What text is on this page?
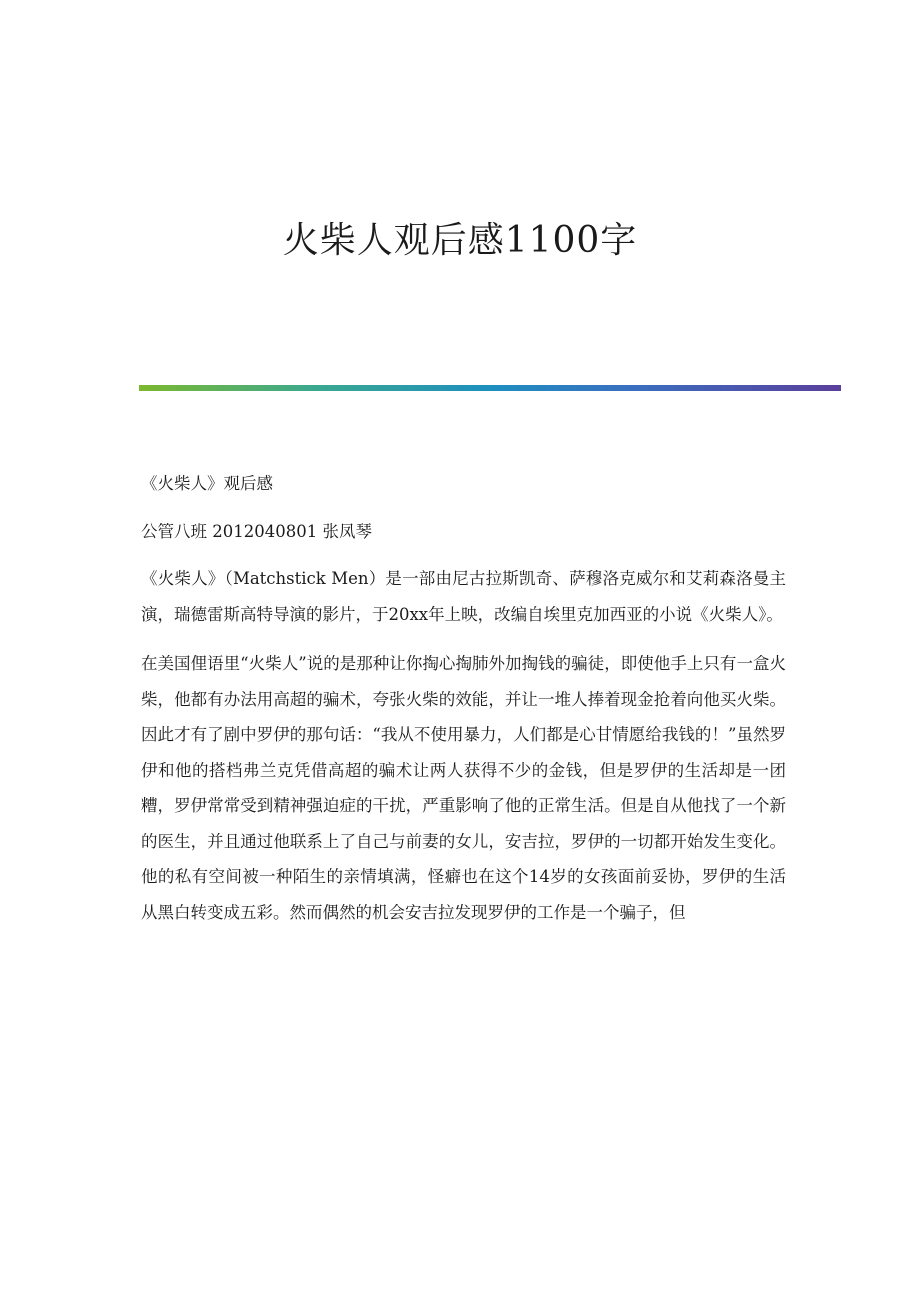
火柴人观后感1100字

《火柴人》观后感

公管八班 2012040801 张凤琴

《火柴人》（Matchstick Men）是一部由尼古拉斯凯奇、萨穆洛克威尔和艾莉森洛曼主演，瑞德雷斯高特导演的影片，于20xx年上映，改编自埃里克加西亚的小说《火柴人》。

在美国俚语里“火柴人”说的是那种让你掏心掏肺外加掏钱的骗徒，即使他手上只有一盒火柴，他都有办法用高超的骗术，夸张火柴的效能，并让一堆人捧着现金抢着向他买火柴。因此才有了剧中罗伊的那句话：“我从不使用暴力，人们都是心甘情愿给我钱的！”虽然罗伊和他的搭档弗兰克凭借高超的骗术让两人获得不少的金钱，但是罗伊的生活却是一团糟，罗伊常常受到精神强迫症的干扰，严重影响了他的正常生活。但是自从他找了一个新的医生，并且通过他联系上了自己与前妻的女儿，安吉拉，罗伊的一切都开始发生变化。他的私有空间被一种陌生的亲情填满，怪癖也在这个14岁的女孩面前妥协，罗伊的生活从黑白转变成五彩。然而偶然的机会安吉拉发现罗伊的工作是一个骗子，但
